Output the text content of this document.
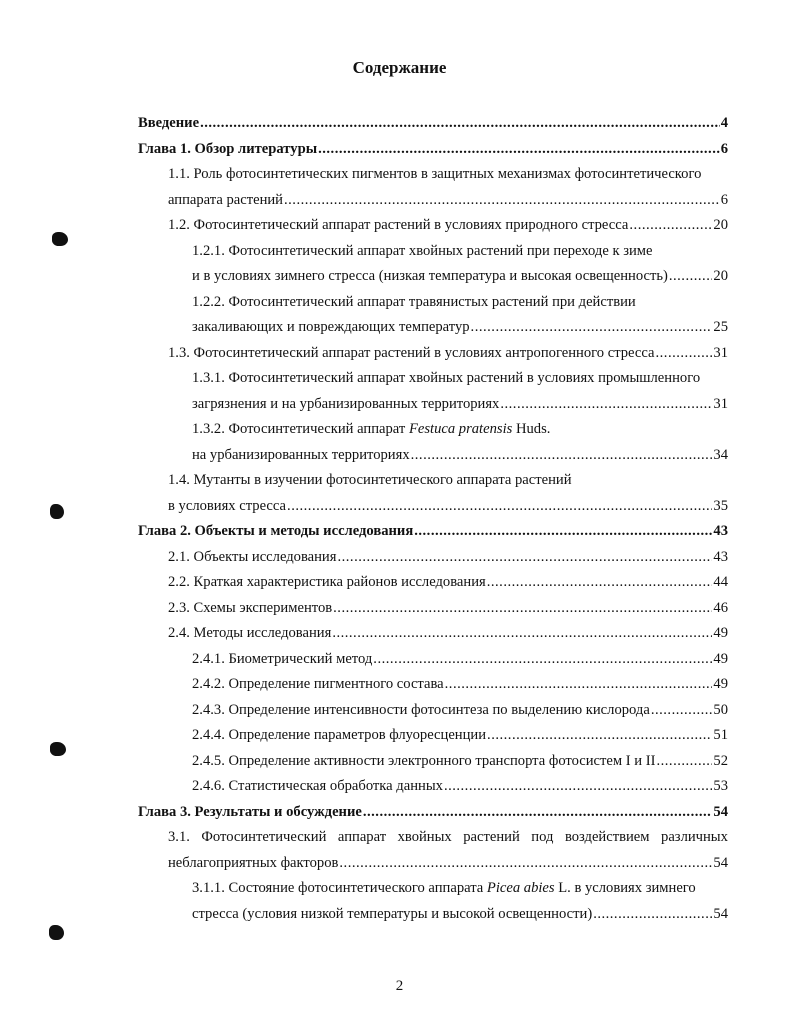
Содержание
Введение .....	4
Глава 1. Обзор литературы .....	6
1.1. Роль фотосинтетических пигментов в защитных механизмах фотосинтетического
аппарата растений .....	6
1.2. Фотосинтетический аппарат растений в условиях природного стресса .....	20
1.2.1. Фотосинтетический аппарат хвойных растений при переходе к зиме
и в условиях зимнего стресса (низкая температура и высокая освещенность) .....	20
1.2.2. Фотосинтетический аппарат травянистых растений при действии
закаливающих и повреждающих температур .....	25
1.3. Фотосинтетический аппарат растений в условиях антропогенного стресса .....	31
1.3.1. Фотосинтетический аппарат хвойных растений в условиях промышленного
загрязнения и на урбанизированных территориях .....	31
1.3.2. Фотосинтетический аппарат Festuca pratensis Huds.
на урбанизированных территориях .....	34
1.4. Мутанты в изучении фотосинтетического аппарата растений
в условиях стресса .....	35
Глава 2. Объекты и методы исследования .....	43
2.1. Объекты исследования .....	43
2.2. Краткая характеристика районов исследования .....	44
2.3. Схемы экспериментов .....	46
2.4. Методы исследования .....	49
2.4.1. Биометрический метод .....	49
2.4.2. Определение пигментного состава .....	49
2.4.3. Определение интенсивности фотосинтеза по выделению кислорода .....	50
2.4.4. Определение параметров флуоресценции .....	51
2.4.5. Определение активности электронного транспорта фотосистем I и II .....	52
2.4.6. Статистическая обработка данных .....	53
Глава 3. Результаты и обсуждение .....	54
3.1. Фотосинтетический аппарат хвойных растений под воздействием различных
неблагоприятных факторов .....	54
3.1.1. Состояние фотосинтетического аппарата Picea abies L. в условиях зимнего
стресса (условия низкой температуры и высокой освещенности) .....	54
2
